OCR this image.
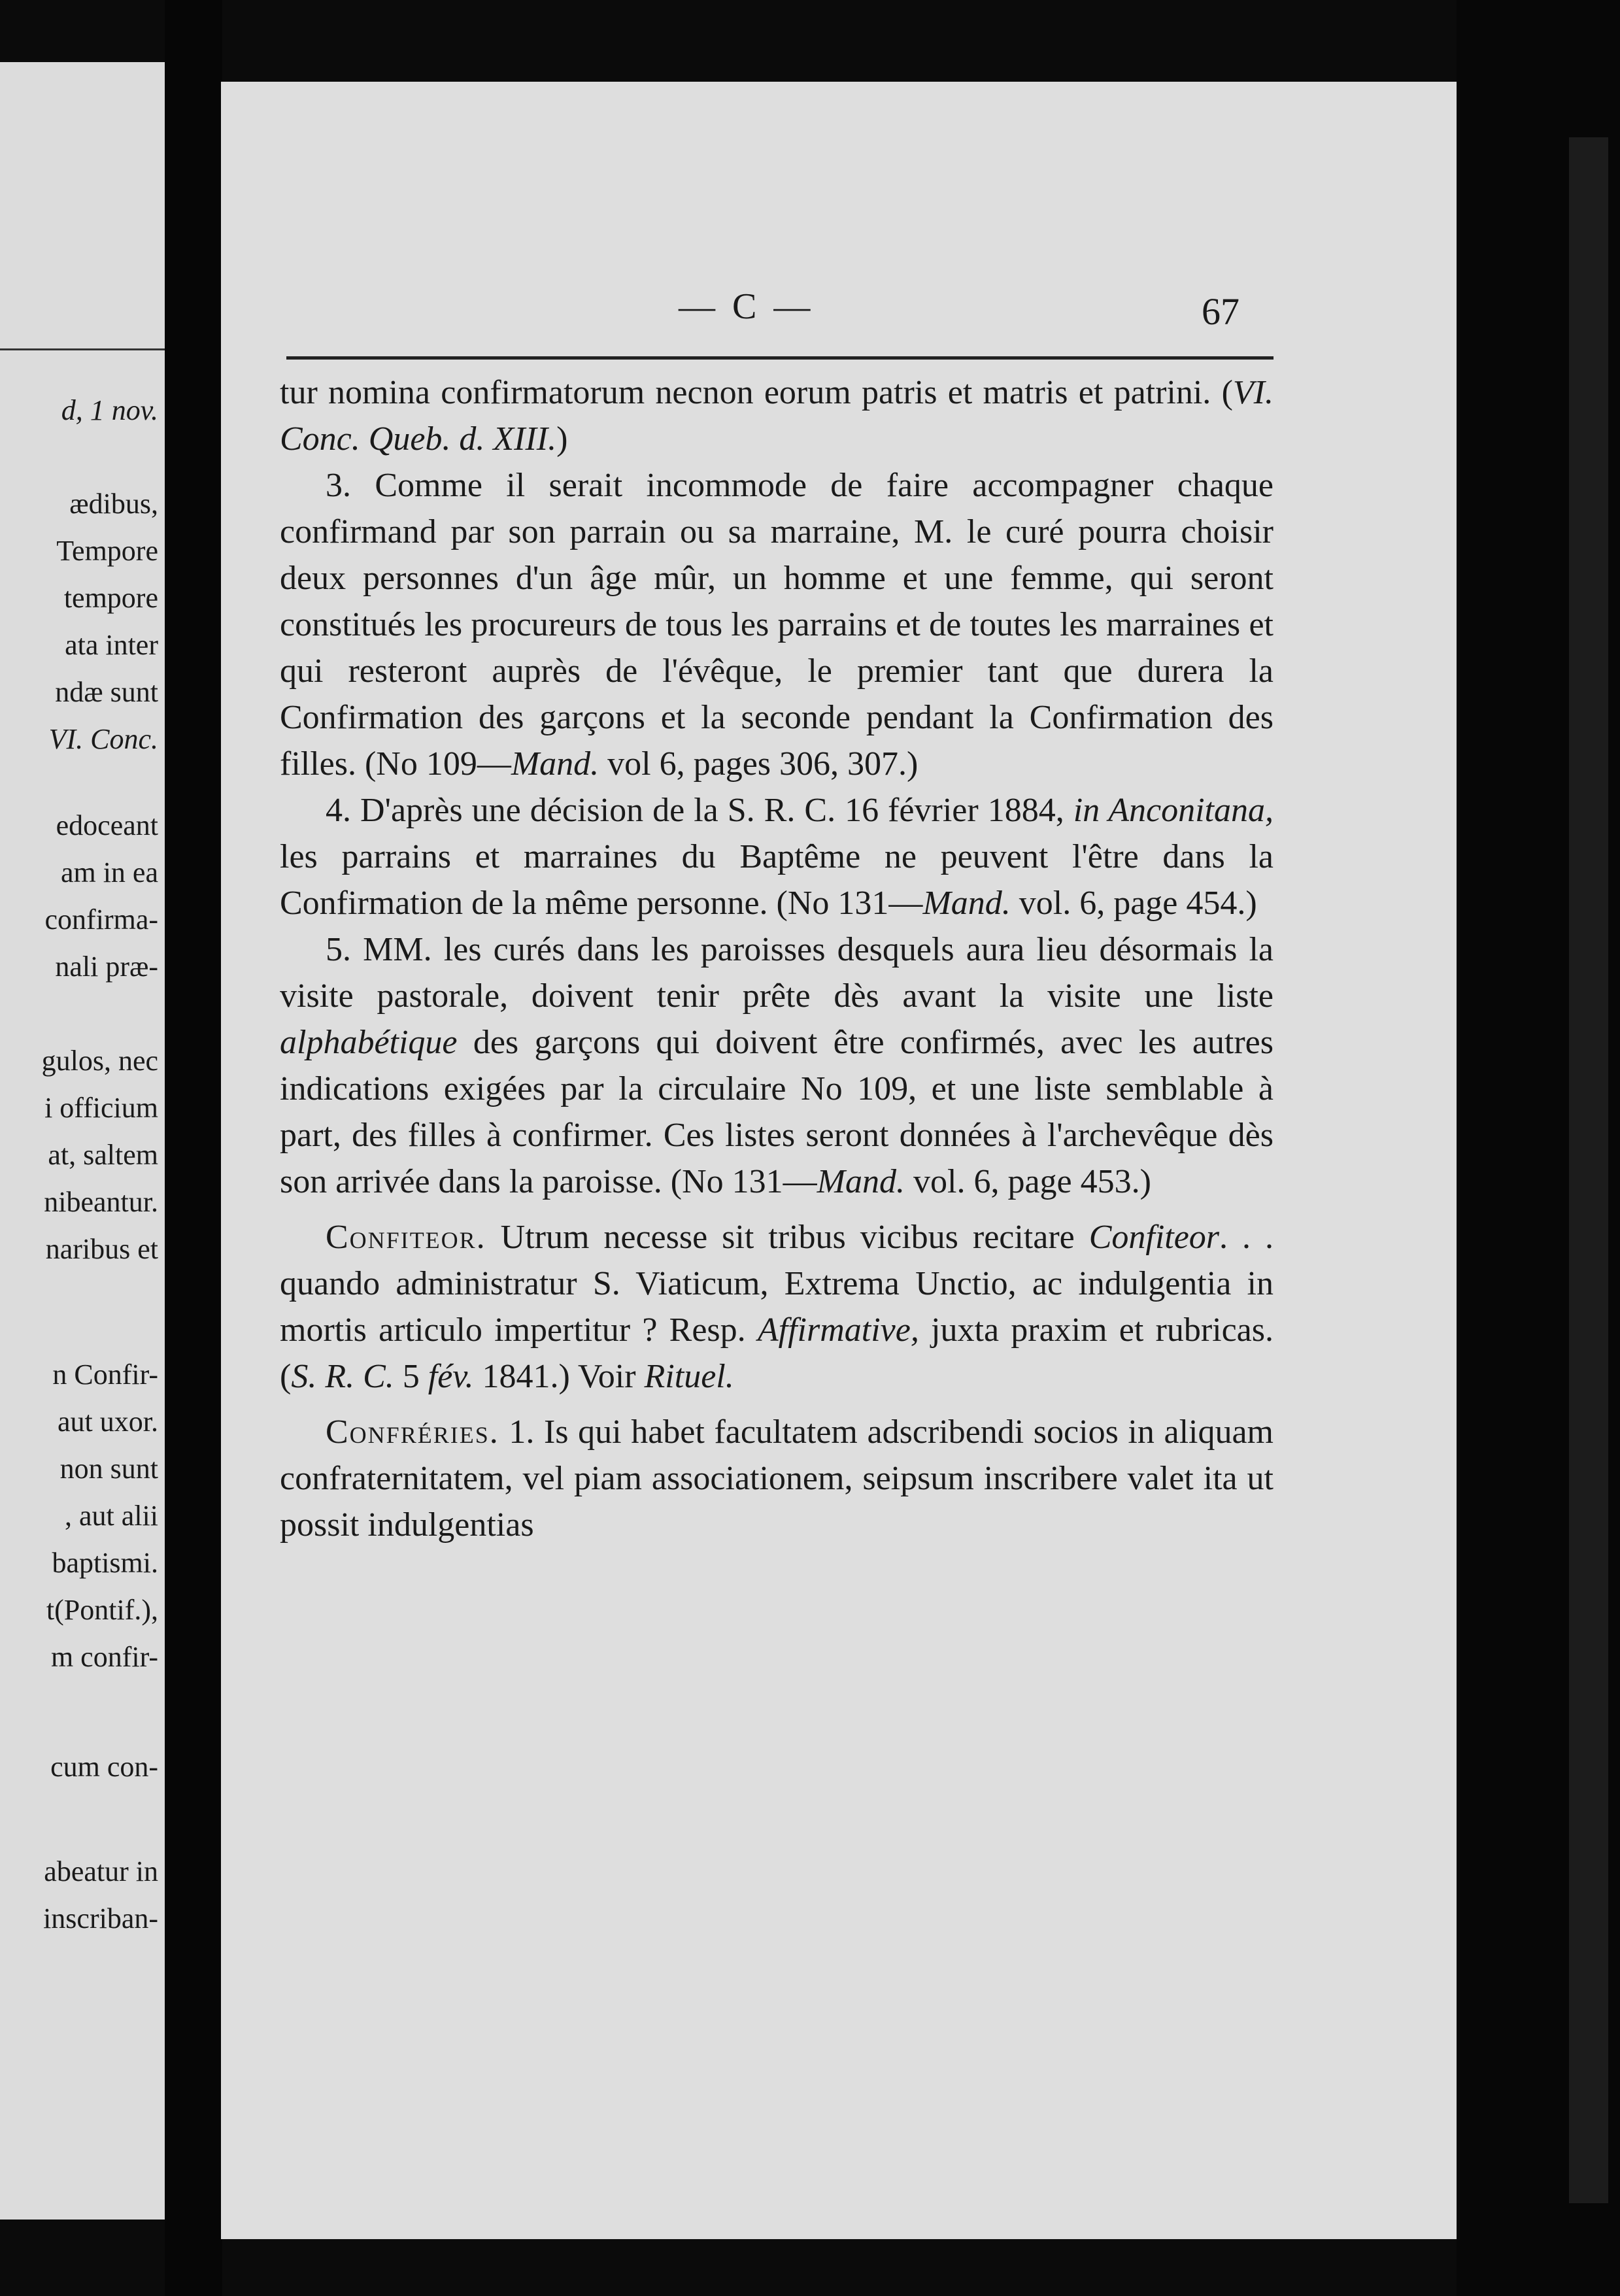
d, 1 nov.
ædibus,
Tempore
tempore
ata inter
ndæ sunt
VI. Conc.
edoceant
am in ea
confirma-
nali præ-
gulos, nec
i officium
at, saltem
nibeantur.
naribus et
n Confir-
aut uxor.
non sunt
, aut alii
baptismi.
t(Pontif.),
m confir-
cum con-
abeatur in
inscriban-
— C —	67

tur nomina confirmatorum necnon eorum patris et matris et patrini. (VI. Conc. Queb. d. XIII.)

3. Comme il serait incommode de faire accompagner chaque confirmand par son parrain ou sa marraine, M. le curé pourra choisir deux personnes d'un âge mûr, un homme et une femme, qui seront constitués les procureurs de tous les parrains et de toutes les marraines et qui resteront auprès de l'évêque, le premier tant que durera la Confirmation des garçons et la seconde pendant la Confirmation des filles. (No 109—Mand. vol 6, pages 306, 307.)

4. D'après une décision de la S. R. C. 16 février 1884, in Anconitana, les parrains et marraines du Baptême ne peuvent l'être dans la Confirmation de la même personne. (No 131—Mand. vol. 6, page 454.)

5. MM. les curés dans les paroisses desquels aura lieu désormais la visite pastorale, doivent tenir prête dès avant la visite une liste alphabétique des garçons qui doivent être confirmés, avec les autres indications exigées par la circulaire No 109, et une liste semblable à part, des filles à confirmer. Ces listes seront données à l'archevêque dès son arrivée dans la paroisse. (No 131—Mand. vol. 6, page 453.)

Confiteor. Utrum necesse sit tribus vicibus recitare Confiteor. . . quando administratur S. Viaticum, Extrema Unctio, ac indulgentia in mortis articulo impertitur ? Resp. Affirmative, juxta praxim et rubricas. (S. R. C. 5 fév. 1841.) Voir Rituel.

Confréries. 1. Is qui habet facultatem adscribendi socios in aliquam confraternitatem, vel piam associationem, seipsum inscribere valet ita ut possit indulgentias
